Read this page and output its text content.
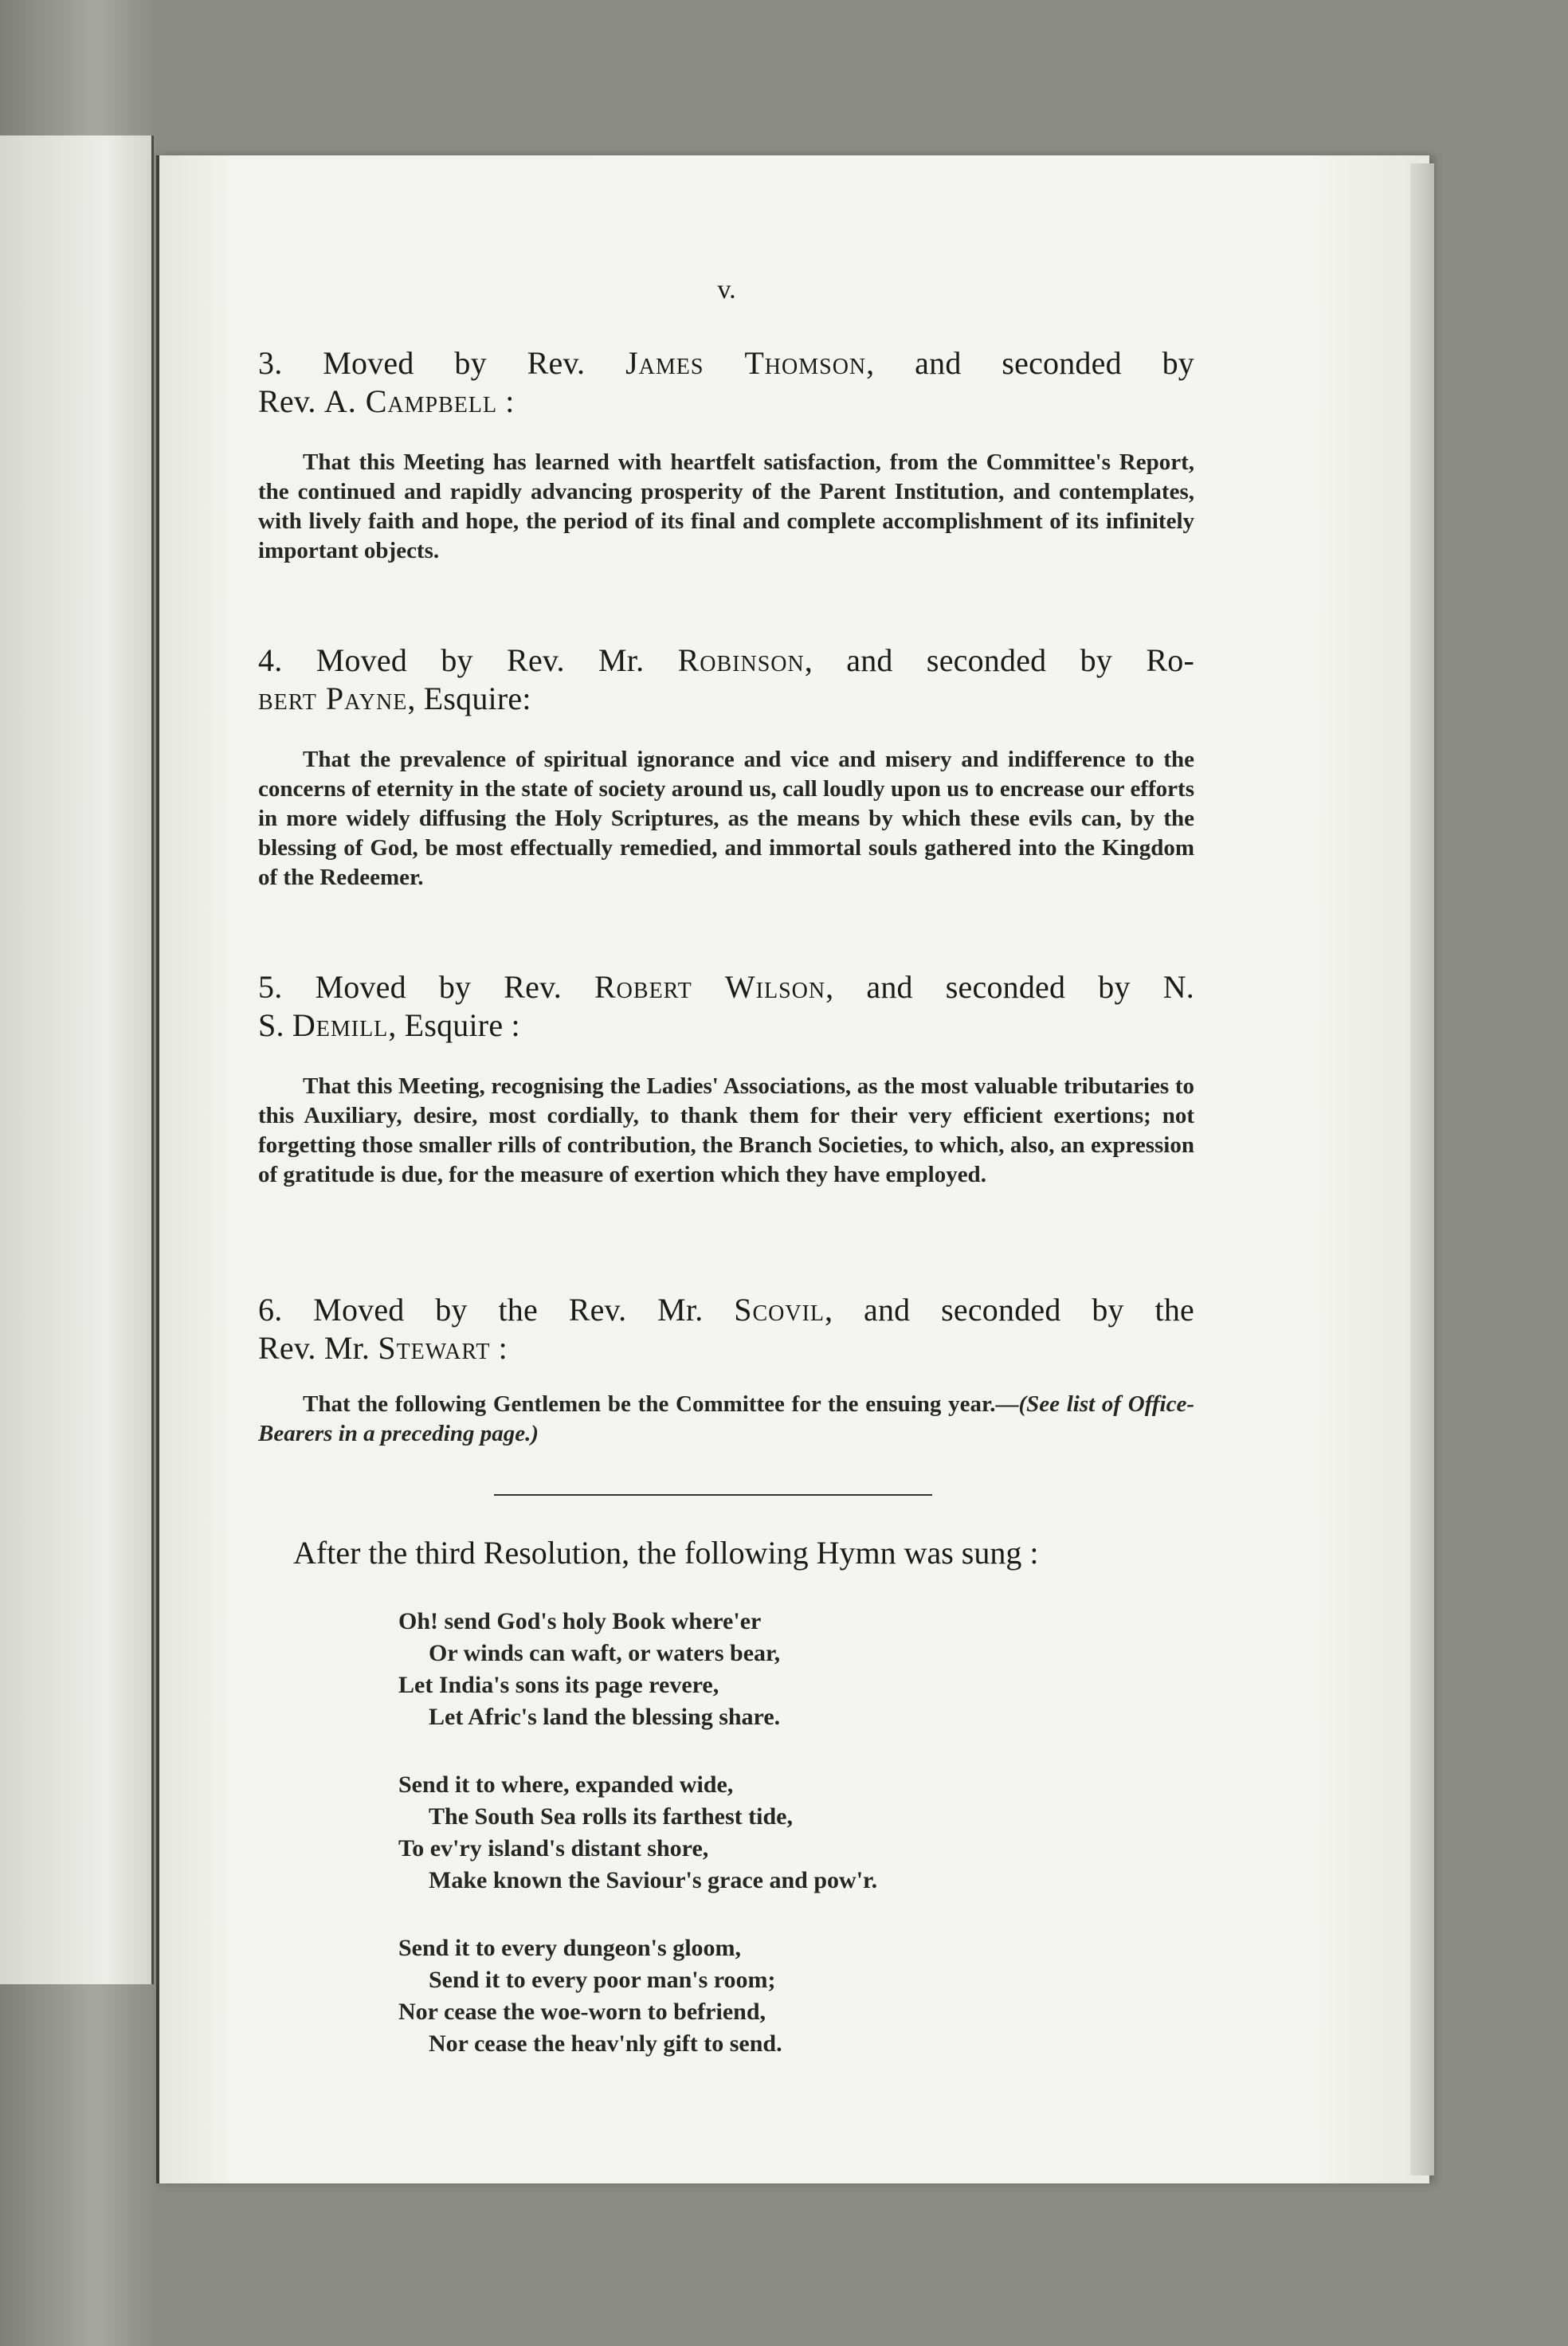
v.
3. Moved by Rev. James Thomson, and seconded by
Rev. A. Campbell :
That this Meeting has learned with heartfelt satisfaction, from the Committee's Report, the continued and rapidly advancing prosperity of the Parent Institution, and contemplates, with lively faith and hope, the period of its final and complete accomplishment of its infinitely important objects.
4. Moved by Rev. Mr. Robinson, and seconded by Ro-
bert Payne, Esquire:
That the prevalence of spiritual ignorance and vice and misery and indifference to the concerns of eternity in the state of society around us, call loudly upon us to encrease our efforts in more widely diffusing the Holy Scriptures, as the means by which these evils can, by the blessing of God, be most effectually remedied, and immortal souls gathered into the Kingdom of the Redeemer.
5. Moved by Rev. Robert Wilson, and seconded by N.
S. Demill, Esquire :
That this Meeting, recognising the Ladies' Associations, as the most valuable tributaries to this Auxiliary, desire, most cordially, to thank them for their very efficient exertions; not forgetting those smaller rills of contribution, the Branch Societies, to which, also, an expression of gratitude is due, for the measure of exertion which they have employed.
6. Moved by the Rev. Mr. Scovil, and seconded by the
Rev. Mr. Stewart :
That the following Gentlemen be the Committee for the ensuing year.—(See list of Office-Bearers in a preceding page.)
After the third Resolution, the following Hymn was sung :
Oh! send God's holy Book where'er
Or winds can waft, or waters bear,
Let India's sons its page revere,
Let Afric's land the blessing share.
Send it to where, expanded wide,
The South Sea rolls its farthest tide,
To ev'ry island's distant shore,
Make known the Saviour's grace and pow'r.
Send it to every dungeon's gloom,
Send it to every poor man's room;
Nor cease the woe-worn to befriend,
Nor cease the heav'nly gift to send.
